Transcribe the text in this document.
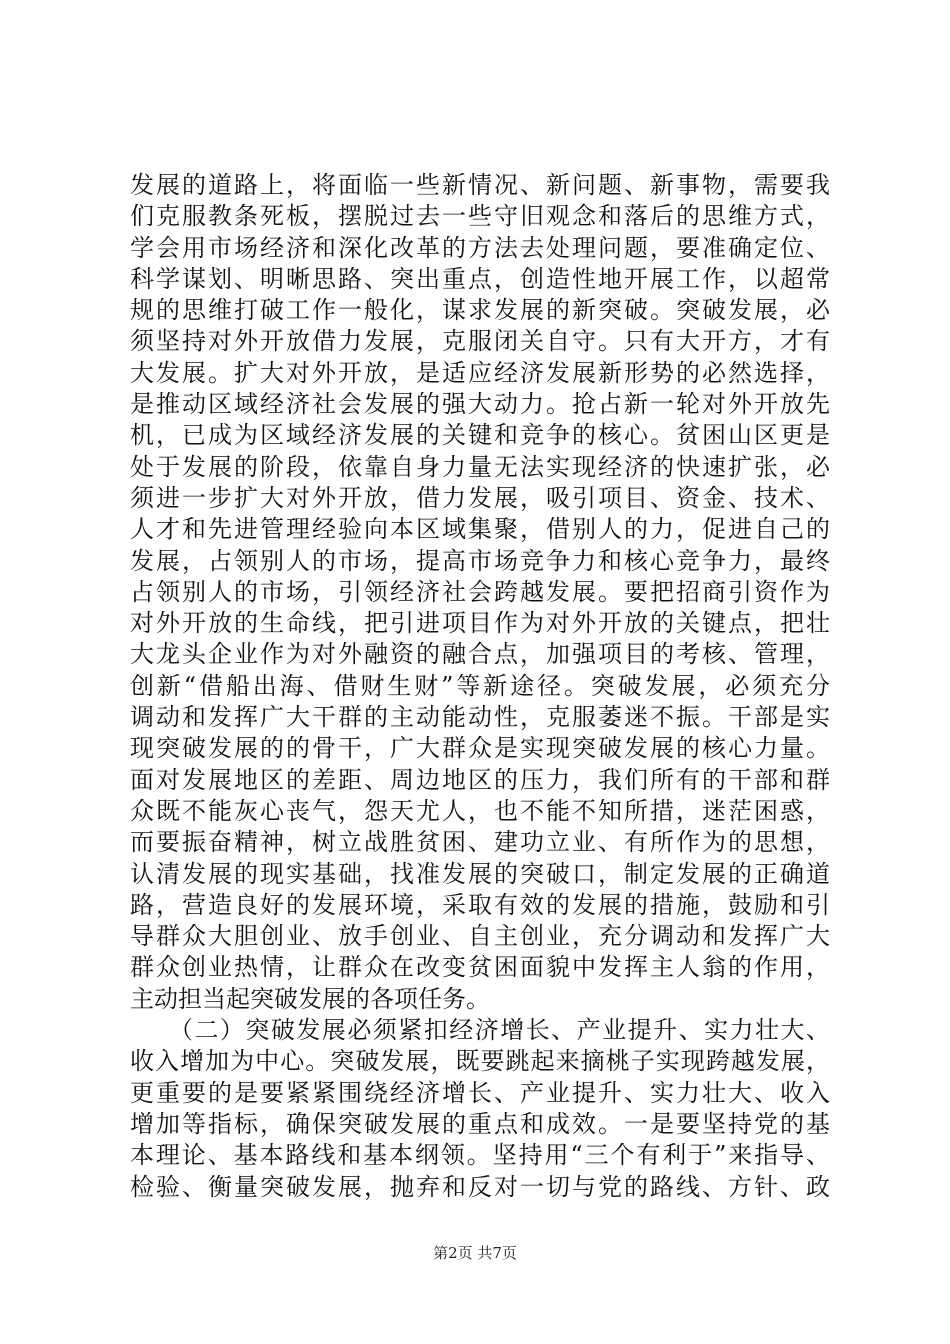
发展的道路上，将面临一些新情况、新问题、新事物，需要我
们克服教条死板，摆脱过去一些守旧观念和落后的思维方式，
学会用市场经济和深化改革的方法去处理问题，要准确定位、
科学谋划、明晰思路、突出重点，创造性地开展工作，以超常
规的思维打破工作一般化，谋求发展的新突破。突破发展，必
须坚持对外开放借力发展，克服闭关自守。只有大开方，才有
大发展。扩大对外开放，是适应经济发展新形势的必然选择，
是推动区域经济社会发展的强大动力。抢占新一轮对外开放先
机，已成为区域经济发展的关键和竞争的核心。贫困山区更是
处于发展的阶段，依靠自身力量无法实现经济的快速扩张，必
须进一步扩大对外开放，借力发展，吸引项目、资金、技术、
人才和先进管理经验向本区域集聚，借别人的力，促进自己的
发展，占领别人的市场，提高市场竞争力和核心竞争力，最终
占领别人的市场，引领经济社会跨越发展。要把招商引资作为
对外开放的生命线，把引进项目作为对外开放的关键点，把壮
大龙头企业作为对外融资的融合点，加强项目的考核、管理，
创新“借船出海、借财生财”等新途径。突破发展，必须充分
调动和发挥广大干群的主动能动性，克服萎迷不振。干部是实
现突破发展的的骨干，广大群众是实现突破发展的核心力量。
面对发展地区的差距、周边地区的压力，我们所有的干部和群
众既不能灰心丧气，怨天尤人，也不能不知所措，迷茫困惑，
而要振奋精神，树立战胜贫困、建功立业、有所作为的思想，
认清发展的现实基础，找准发展的突破口，制定发展的正确道
路，营造良好的发展环境，采取有效的发展的措施，鼓励和引
导群众大胆创业、放手创业、自主创业，充分调动和发挥广大
群众创业热情，让群众在改变贫困面貌中发挥主人翁的作用，
主动担当起突破发展的各项任务。
　　（二）突破发展必须紧扣经济增长、产业提升、实力壮大、
收入增加为中心。突破发展，既要跳起来摘桃子实现跨越发展，
更重要的是要紧紧围绕经济增长、产业提升、实力壮大、收入
增加等指标，确保突破发展的重点和成效。一是要坚持党的基
本理论、基本路线和基本纲领。坚持用“三个有利于”来指导、
检验、衡量突破发展，抛弃和反对一切与党的路线、方针、政
第2页 共7页
